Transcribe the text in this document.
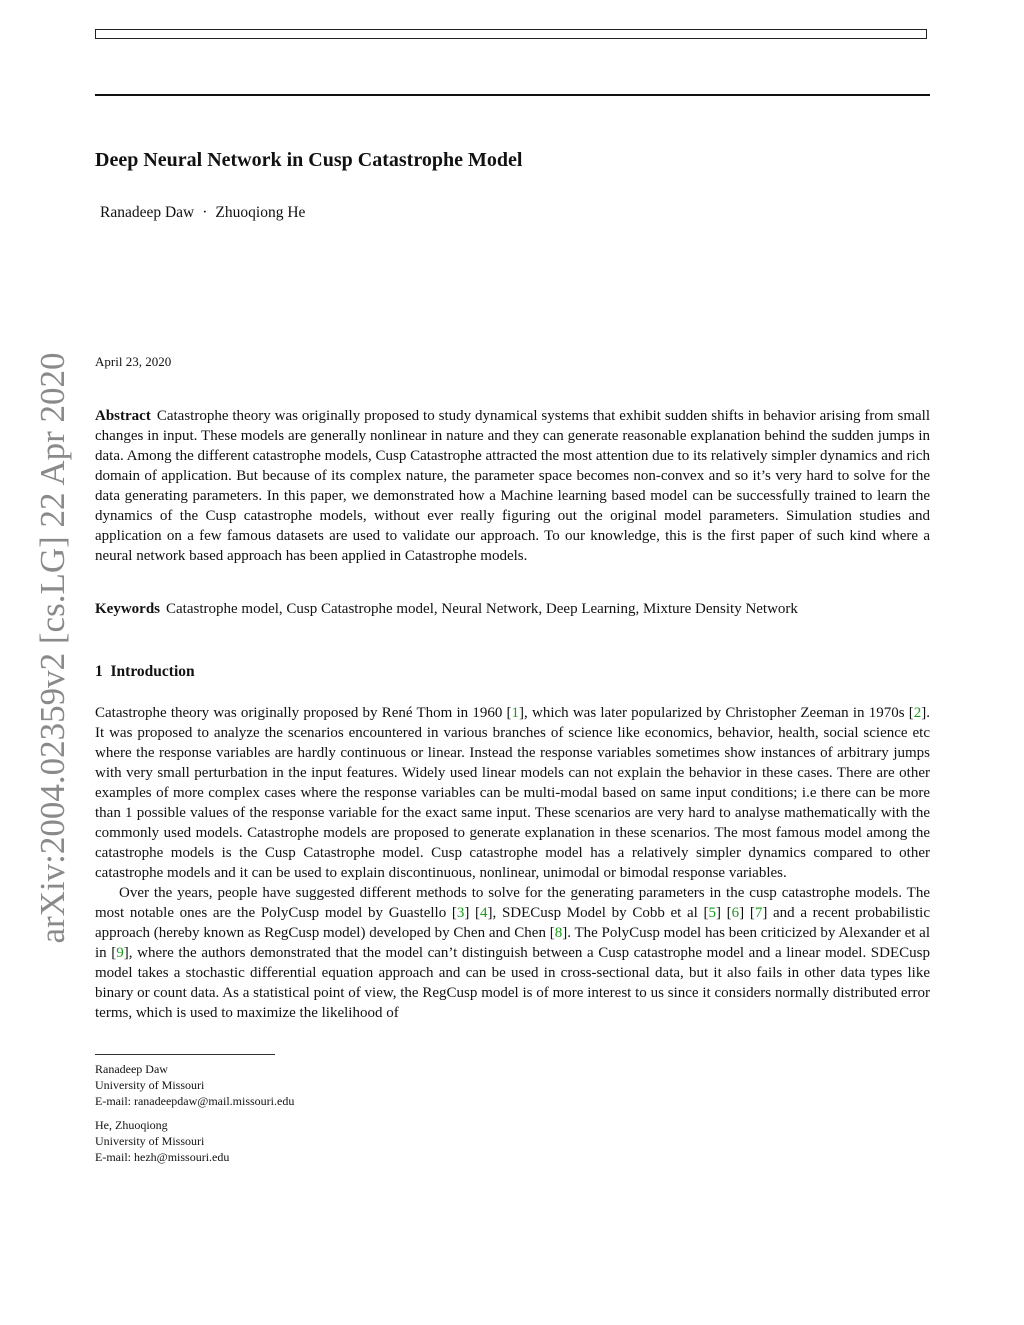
arXiv:2004.02359v2 [cs.LG] 22 Apr 2020
Deep Neural Network in Cusp Catastrophe Model
Ranadeep Daw · Zhuoqiong He
April 23, 2020
Abstract Catastrophe theory was originally proposed to study dynamical systems that exhibit sudden shifts in behavior arising from small changes in input. These models are generally nonlinear in nature and they can generate reasonable explanation behind the sudden jumps in data. Among the different catastrophe models, Cusp Catastrophe attracted the most attention due to its relatively simpler dynamics and rich domain of application. But because of its complex nature, the parameter space becomes non-convex and so it’s very hard to solve for the data generating parameters. In this paper, we demonstrated how a Machine learning based model can be successfully trained to learn the dynamics of the Cusp catastrophe models, without ever really figuring out the original model parameters. Simulation studies and application on a few famous datasets are used to validate our approach. To our knowledge, this is the first paper of such kind where a neural network based approach has been applied in Catastrophe models.
Keywords Catastrophe model, Cusp Catastrophe model, Neural Network, Deep Learning, Mixture Density Network
1 Introduction

Catastrophe theory was originally proposed by René Thom in 1960 [1], which was later popularized by Christopher Zeeman in 1970s [2]. It was proposed to analyze the scenarios encountered in various branches of science like economics, behavior, health, social science etc where the response variables are hardly continuous or linear. Instead the response variables sometimes show instances of arbitrary jumps with very small perturbation in the input features. Widely used linear models can not explain the behavior in these cases. There are other examples of more complex cases where the response variables can be multi-modal based on same input conditions; i.e there can be more than 1 possible values of the response variable for the exact same input. These scenarios are very hard to analyse mathematically with the commonly used models. Catastrophe models are proposed to generate explanation in these scenarios. The most famous model among the catastrophe models is the Cusp Catastrophe model. Cusp catastrophe model has a relatively simpler dynamics compared to other catastrophe models and it can be used to explain discontinuous, nonlinear, unimodal or bimodal response variables.

Over the years, people have suggested different methods to solve for the generating parameters in the cusp catastrophe models. The most notable ones are the PolyCusp model by Guastello [3] [4], SDECusp Model by Cobb et al [5] [6] [7] and a recent probabilistic approach (hereby known as RegCusp model) developed by Chen and Chen [8]. The PolyCusp model has been criticized by Alexander et al in [9], where the authors demonstrated that the model can’t distinguish between a Cusp catastrophe model and a linear model. SDECusp model takes a stochastic differential equation approach and can be used in cross-sectional data, but it also fails in other data types like binary or count data. As a statistical point of view, the RegCusp model is of more interest to us since it considers normally distributed error terms, which is used to maximize the likelihood of

Ranadeep Daw
University of Missouri
E-mail: ranadeepdaw@mail.missouri.edu
He, Zhuoqiong
University of Missouri
E-mail: hezh@missouri.edu
